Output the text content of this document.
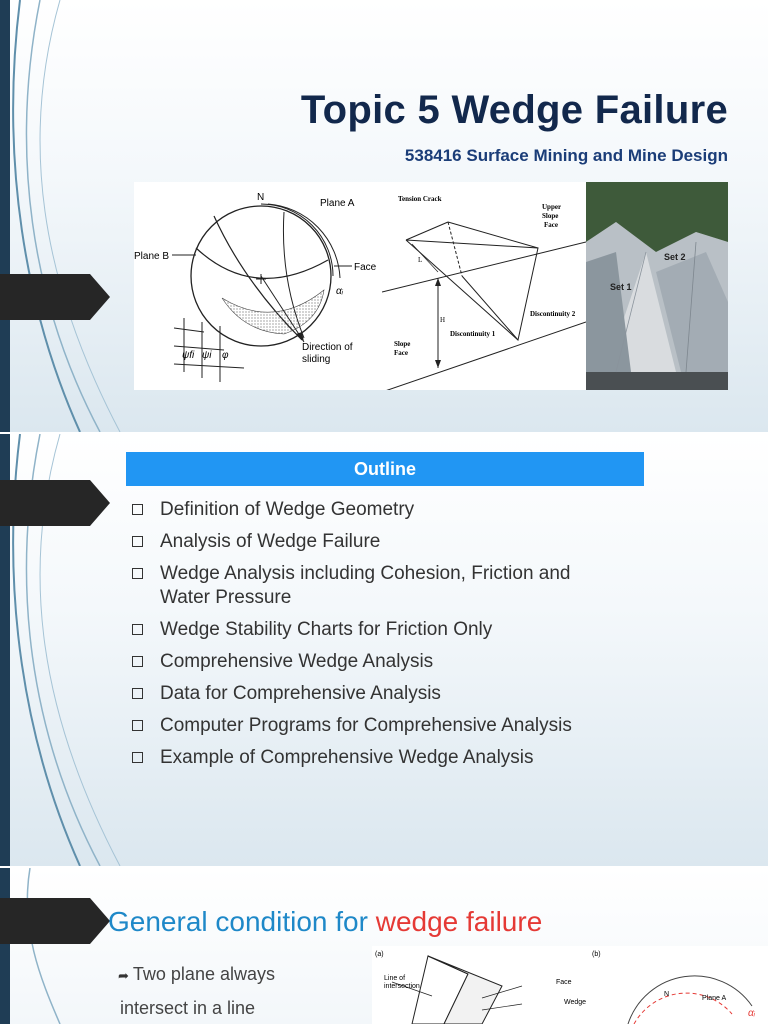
Topic 5 Wedge Failure
538416 Surface Mining and Mine Design
N
Plane A
Plane B
Face
αᵢ
Direction of
sliding
ψfi ψi φ
Tension Crack
Upper
Slope
Face
L
H
Discontinuity 2
Discontinuity 1
Slope
Face
Set 1
Set 2
Outline
Definition of Wedge Geometry
Analysis of Wedge Failure
Wedge Analysis including Cohesion, Friction and Water Pressure
Wedge Stability Charts for Friction Only
Comprehensive Wedge Analysis
Data for Comprehensive Analysis
Computer Programs for Comprehensive Analysis
Example of Comprehensive Wedge Analysis
General condition for wedge failure
➦ Two plane always
intersect in a line
(a)	(b)
Line of
intersection
Face
Wedge
N
Plane A
αᵢ
